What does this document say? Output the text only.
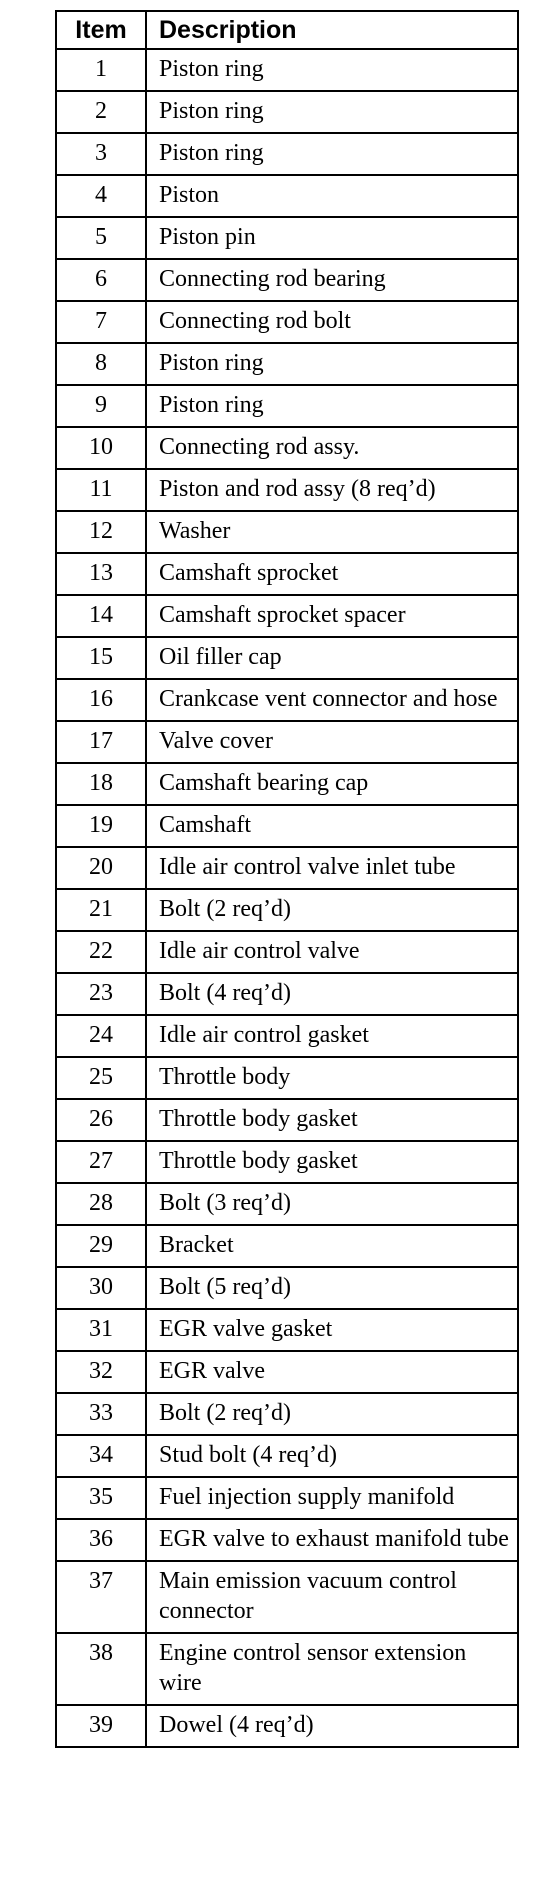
Item	Description
1	Piston ring
2	Piston ring
3	Piston ring
4	Piston
5	Piston pin
6	Connecting rod bearing
7	Connecting rod bolt
8	Piston ring
9	Piston ring
10	Connecting rod assy.
11	Piston and rod assy (8 req’d)
12	Washer
13	Camshaft sprocket
14	Camshaft sprocket spacer
15	Oil filler cap
16	Crankcase vent connector and hose
17	Valve cover
18	Camshaft bearing cap
19	Camshaft
20	Idle air control valve inlet tube
21	Bolt (2 req’d)
22	Idle air control valve
23	Bolt (4 req’d)
24	Idle air control gasket
25	Throttle body
26	Throttle body gasket
27	Throttle body gasket
28	Bolt (3 req’d)
29	Bracket
30	Bolt (5 req’d)
31	EGR valve gasket
32	EGR valve
33	Bolt (2 req’d)
34	Stud bolt (4 req’d)
35	Fuel injection supply manifold
36	EGR valve to exhaust manifold tube
37	Main emission vacuum control connector
38	Engine control sensor extension wire
39	Dowel (4 req’d)
